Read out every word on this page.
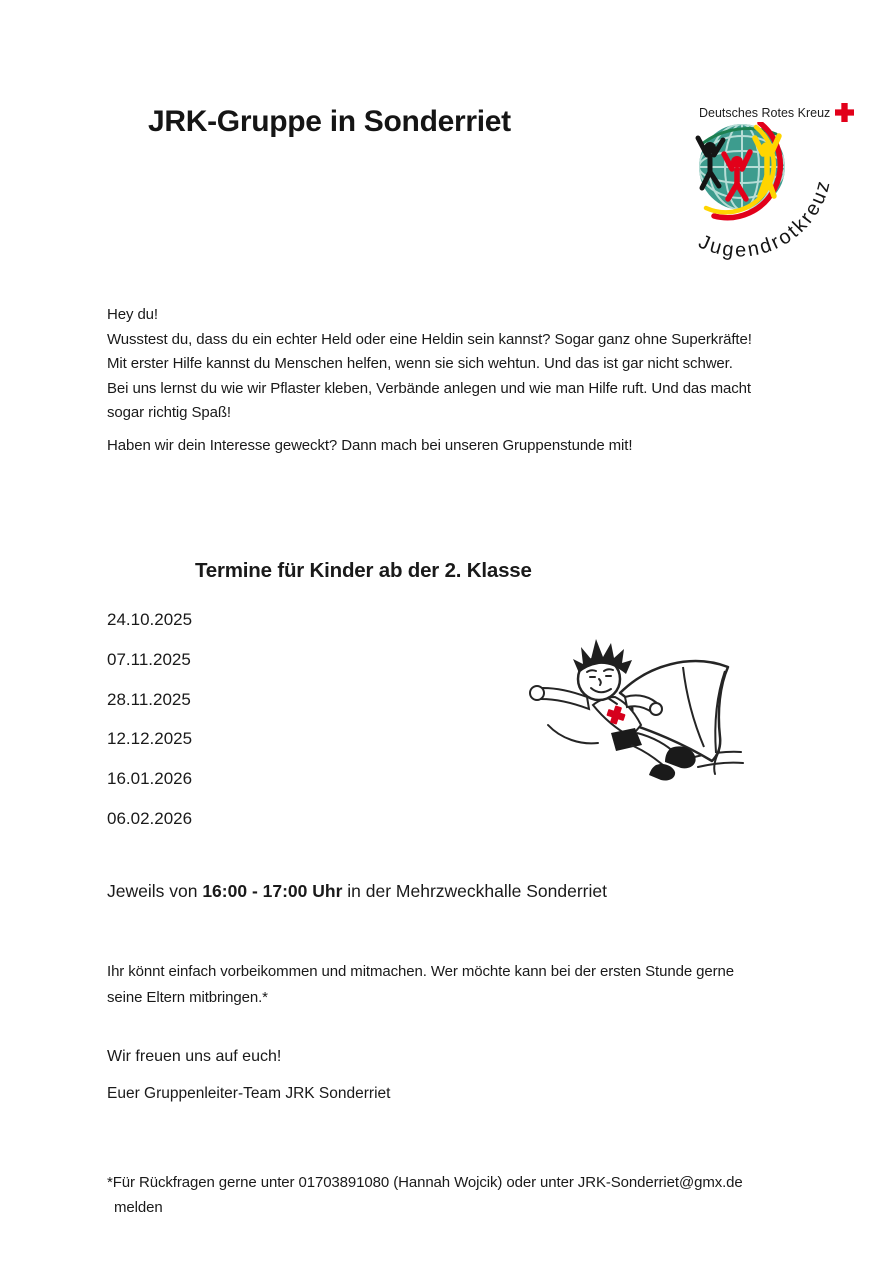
JRK-Gruppe in Sonderriet	Deutsches Rotes Kreuz
Jugendrotkreuz
Hey du!
Wusstest du, dass du ein echter Held oder eine Heldin sein kannst? Sogar ganz ohne Superkräfte!
Mit erster Hilfe kannst du Menschen helfen, wenn sie sich wehtun. Und das ist gar nicht schwer.
Bei uns lernst du wie wir Pflaster kleben, Verbände anlegen und wie man Hilfe ruft. Und das macht
sogar richtig Spaß!
Haben wir dein Interesse geweckt? Dann mach bei unseren Gruppenstunde mit!
Termine für Kinder ab der 2. Klasse
24.10.2025
07.11.2025
28.11.2025
12.12.2025
16.01.2026
06.02.2026
Jeweils von 16:00 - 17:00 Uhr in der Mehrzweckhalle Sonderriet
Ihr könnt einfach vorbeikommen und mitmachen. Wer möchte kann bei der ersten Stunde gerne
seine Eltern mitbringen.*
Wir freuen uns auf euch!
Euer Gruppenleiter-Team JRK Sonderriet
*Für Rückfragen gerne unter 01703891080 (Hannah Wojcik) oder unter JRK-Sonderriet@gmx.de
melden
